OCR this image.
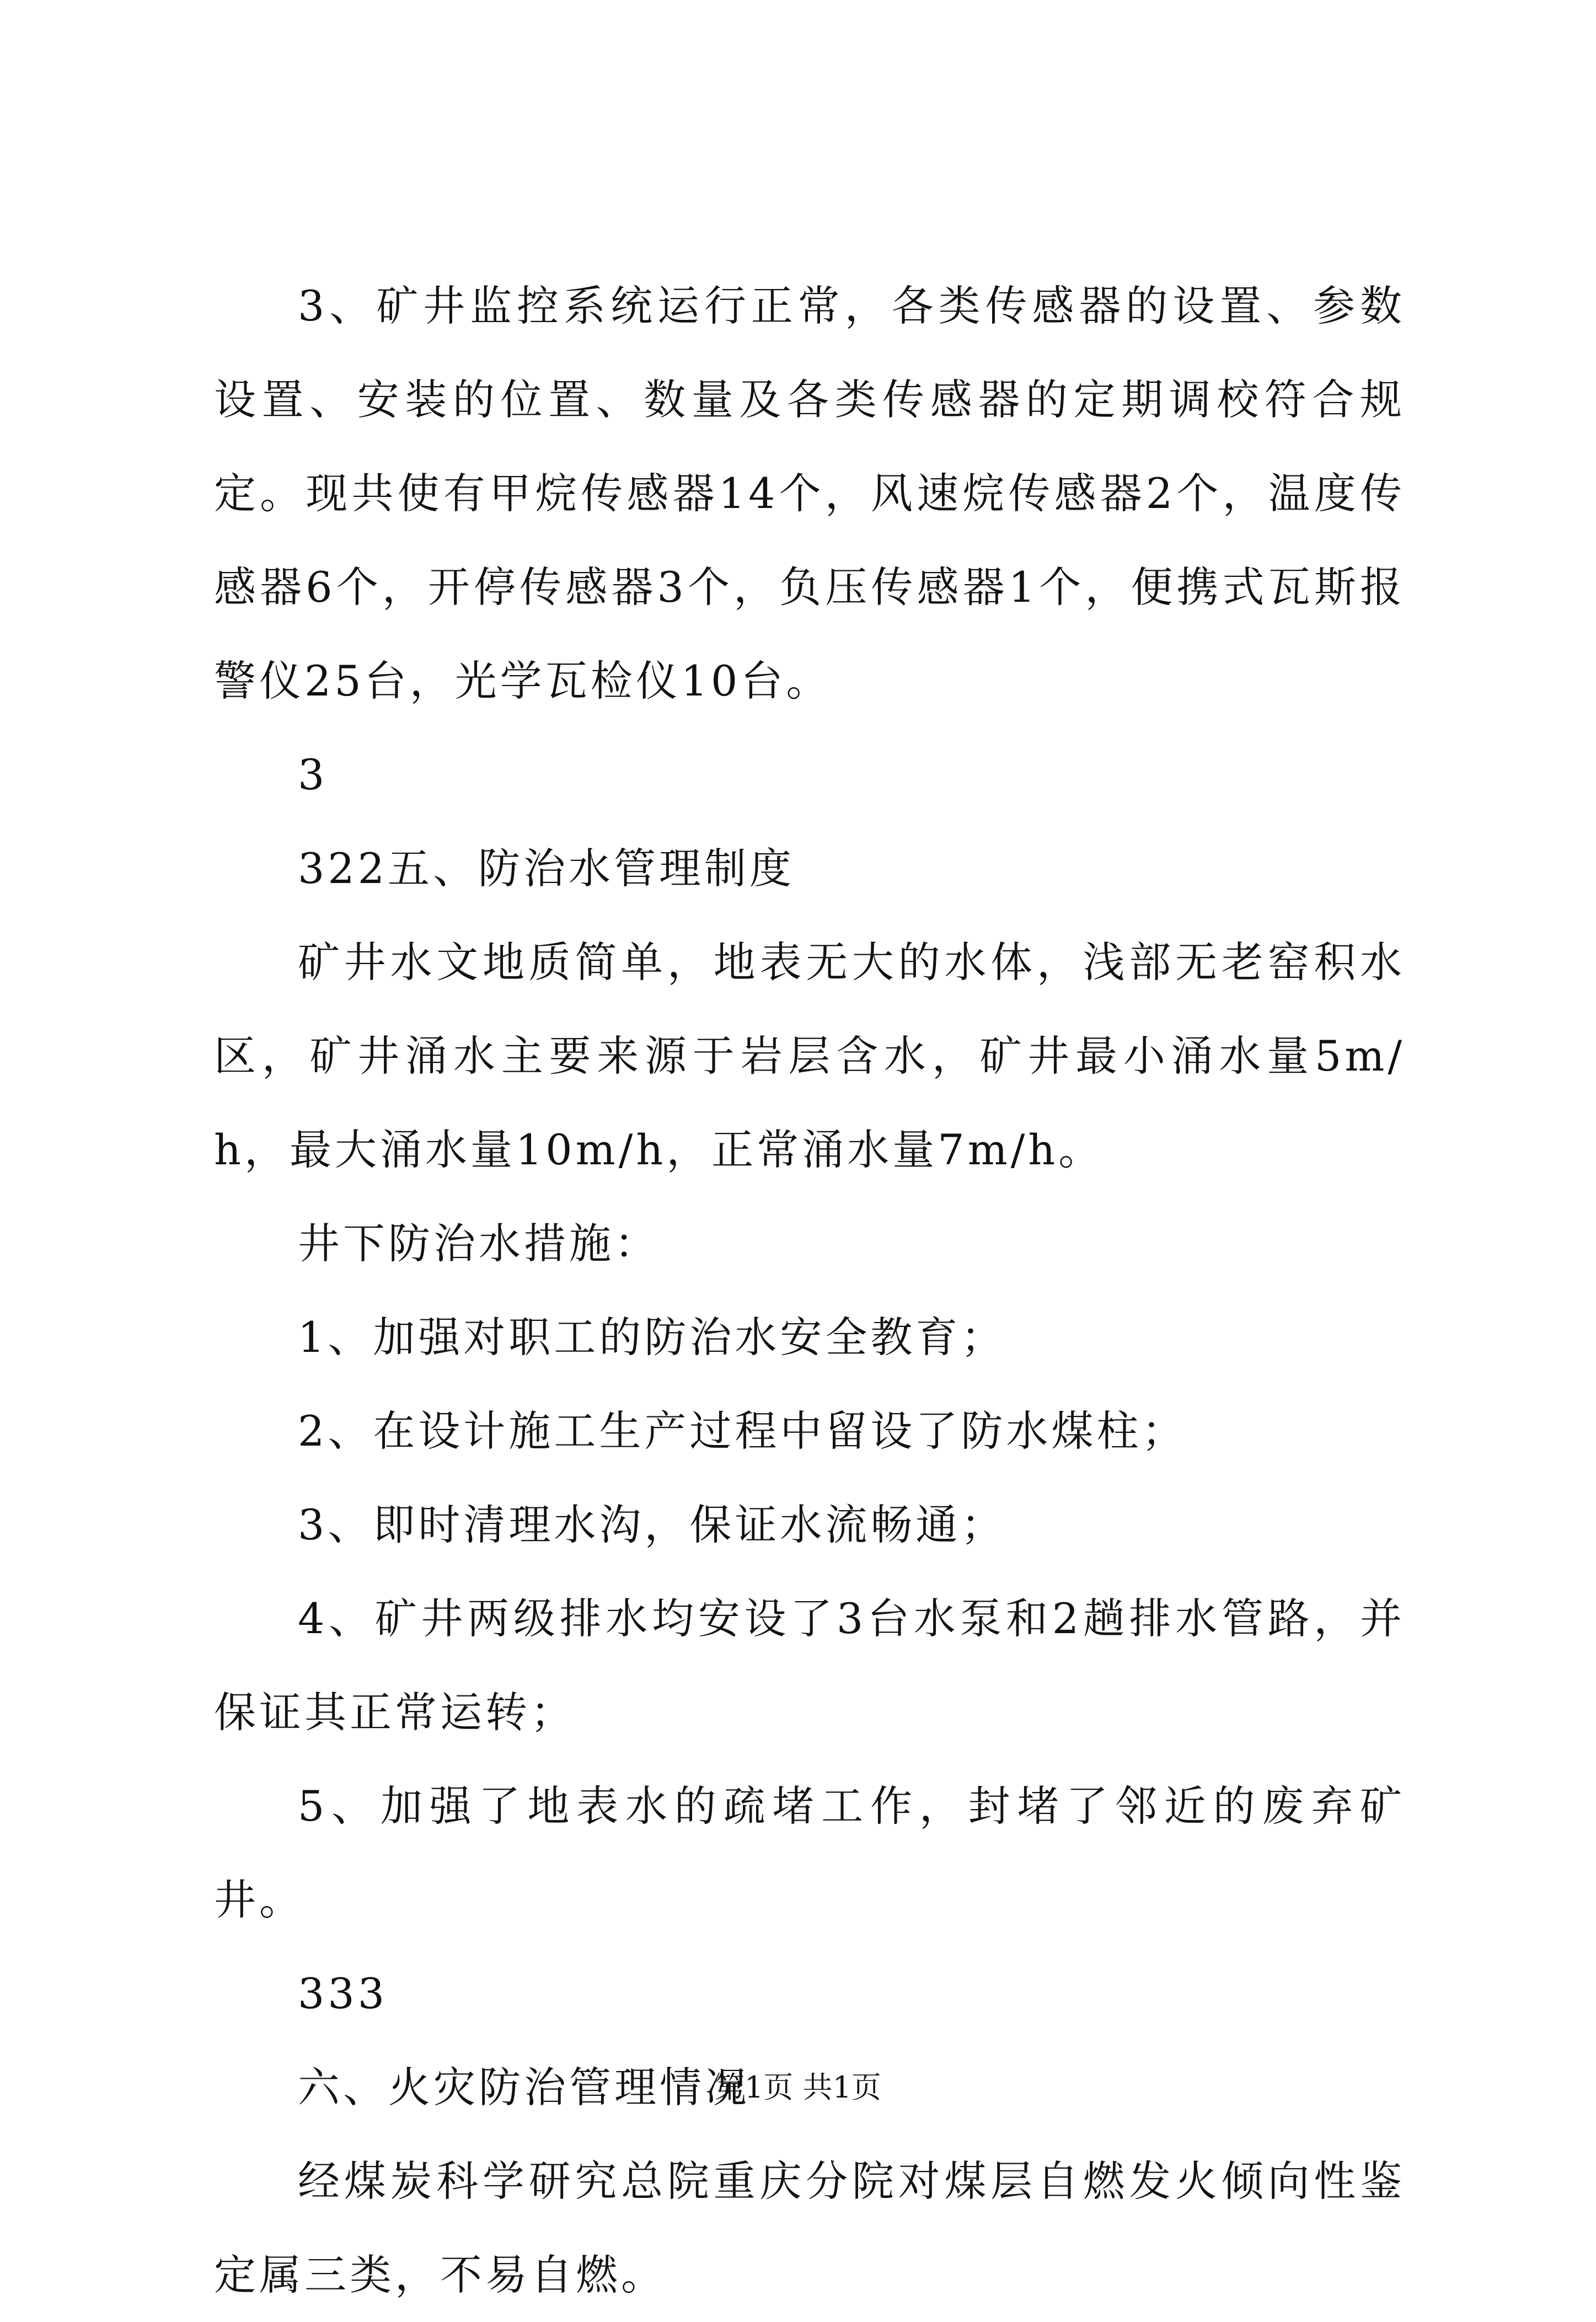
3、矿井监控系统运行正常，各类传感器的设置、参数设置、安装的位置、数量及各类传感器的定期调校符合规定。现共使有甲烷传感器14个，风速烷传感器2个，温度传感器6个，开停传感器3个，负压传感器1个，便携式瓦斯报警仪25台，光学瓦检仪10台。

3

322五、防治水管理制度

矿井水文地质简单，地表无大的水体，浅部无老窑积水区，矿井涌水主要来源于岩层含水，矿井最小涌水量5m/h，最大涌水量10m/h，正常涌水量7m/h。

井下防治水措施：

1、加强对职工的防治水安全教育；

2、在设计施工生产过程中留设了防水煤柱；

3、即时清理水沟，保证水流畅通；

4、矿井两级排水均安设了3台水泵和2趟排水管路，并保证其正常运转；

5、加强了地表水的疏堵工作，封堵了邻近的废弃矿井。

333

六、火灾防治管理情况

经煤炭科学研究总院重庆分院对煤层自燃发火倾向性鉴定属三类，不易自燃。

第1页 共1页
